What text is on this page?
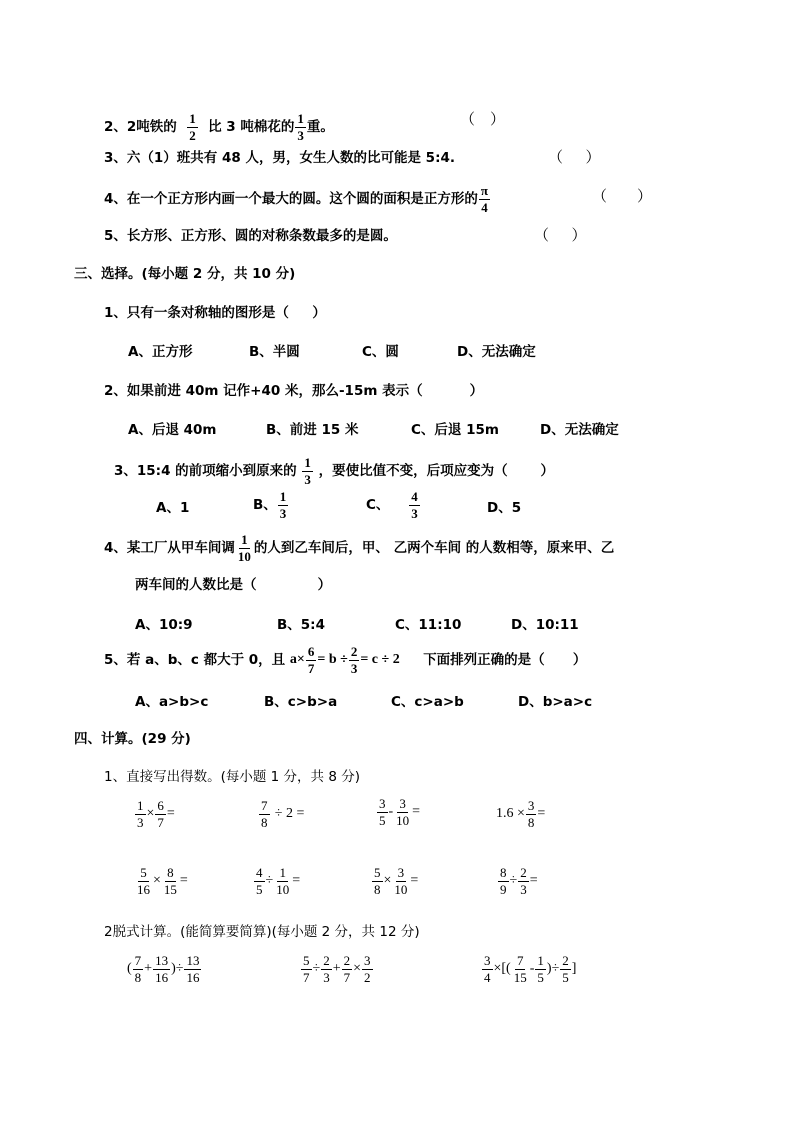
2、2吨铁的 $\frac{1}{2}$ 比 3 吨棉花的 $\frac{1}{3}$ 重。	（ ）
3、六（1）班共有 48 人，男，女生人数的比可能是 5:4.	（ ）
4、在一个正方形内画一个最大的圆。这个圆的面积是正方形的 $\frac{\pi}{4}$	（ ）
5、长方形、正方形、圆的对称条数最多的是圆。	（ ）
三、选择。(每小题 2 分，共 10 分)
1、只有一条对称轴的图形是（ ）
A、正方形	B、半圆	C、圆	D、无法确定
2、如果前进 40m 记作+40 米，那么-15m 表示（	）
A、后退 40m	B、前进 15 米	C、后退 15m	D、无法确定
3、15:4 的前项缩小到原来的 $\frac{1}{3}$ ，要使比值不变，后项应变为（ ）
A、1	B、 $\frac{1}{3}$	C、 $\frac{4}{3}$	D、5
4、某工厂从甲车间调 $\frac{1}{10}$ 的人到乙车间后，甲、 乙两个车间 的人数相等，原来甲、乙
两车间的人数比是（	）
A、10:9	B、5:4	C、11:10	D、10:11
5、若 a、b、c 都大于 0，且 $a\times \frac{6}{7} = b \div \frac{2}{3} = c \div 2$ 下面排列正确的是（ ）
A、a>b>c	B、c>b>a	C、c>a>b	D、b>a>c
四、计算。(29 分)
1、直接写出得数。(每小题 1 分，共 8 分)
$\frac{1}{3} \times \frac{6}{7}$ =	$\frac{7}{8} \div 2$ =	$\frac{3}{5} - \frac{3}{10}$ =	$1.6 \times \frac{3}{8}$ =
$\frac{5}{16} \times \frac{8}{15}$ =	$\frac{4}{5} \div \frac{1}{10}$ =	$\frac{5}{8} \times \frac{3}{10}$ =	$\frac{8}{9} \div \frac{2}{3}$ =
2脱式计算。(能简算要简算)(每小题 2 分，共 12 分)
( $\frac{7}{8} + \frac{13}{16}$ )÷ $\frac{13}{16}$	$\frac{5}{7} \div \frac{2}{3} + \frac{2}{7} \times \frac{3}{2}$	$\frac{3}{4}$ ×[( $\frac{7}{15} - \frac{1}{5}$ )÷ $\frac{2}{5}$ ]
